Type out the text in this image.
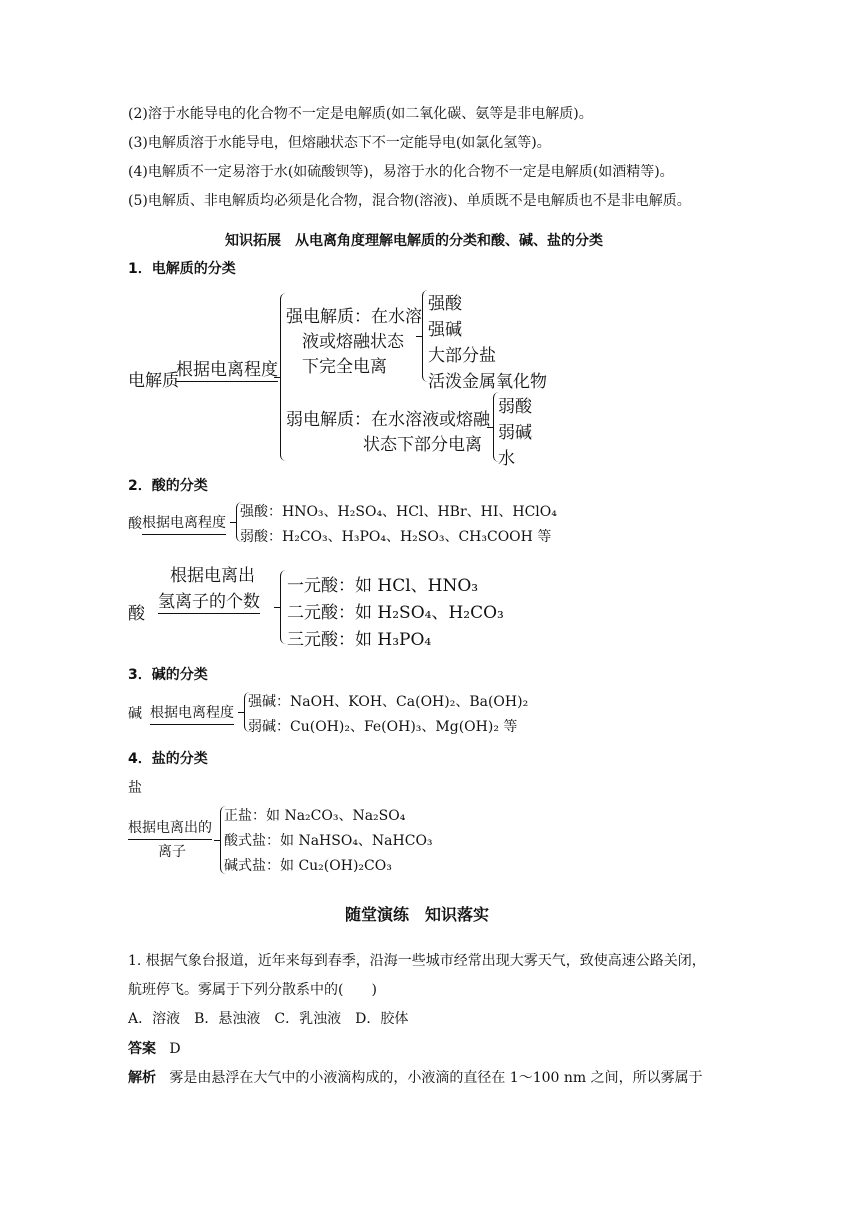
(2)溶于水能导电的化合物不一定是电解质(如二氧化碳、氨等是非电解质)。
(3)电解质溶于水能导电，但熔融状态下不一定能导电(如氯化氢等)。
(4)电解质不一定易溶于水(如硫酸钡等)，易溶于水的化合物不一定是电解质(如酒精等)。
(5)电解质、非电解质均必须是化合物，混合物(溶液)、单质既不是电解质也不是非电解质。
知识拓展　从电离角度理解电解质的分类和酸、碱、盐的分类
1．电解质的分类
电解质
根据电离程度
强电解质：在水溶
液或熔融状态
下完全电离
强酸
强碱
大部分盐
活泼金属氧化物
弱电解质：在水溶液或熔融
状态下部分电离
弱酸
弱碱
水
2．酸的分类
酸 根据电离程度
强酸：HNO₃、H₂SO₄、HCl、HBr、HI、HClO₄
弱酸：H₂CO₃、H₃PO₄、H₂SO₃、CH₃COOH 等
酸
根据电离出
氢离子的个数
一元酸：如 HCl、HNO₃
二元酸：如 H₂SO₄、H₂CO₃
三元酸：如 H₃PO₄
3．碱的分类
碱 根据电离程度
强碱：NaOH、KOH、Ca(OH)₂、Ba(OH)₂
弱碱：Cu(OH)₂、Fe(OH)₃、Mg(OH)₂ 等
4．盐的分类
盐
根据电离出的
离子
正盐：如 Na₂CO₃、Na₂SO₄
酸式盐：如 NaHSO₄、NaHCO₃
碱式盐：如 Cu₂(OH)₂CO₃
随堂演练　知识落实
1. 根据气象台报道，近年来每到春季，沿海一些城市经常出现大雾天气，致使高速公路关闭，
航班停飞。雾属于下列分散系中的(　　)
A．溶液　B．悬浊液　C．乳浊液　D．胶体
答案 D
解析 雾是由悬浮在大气中的小液滴构成的，小液滴的直径在 1～100 nm 之间，所以雾属于
